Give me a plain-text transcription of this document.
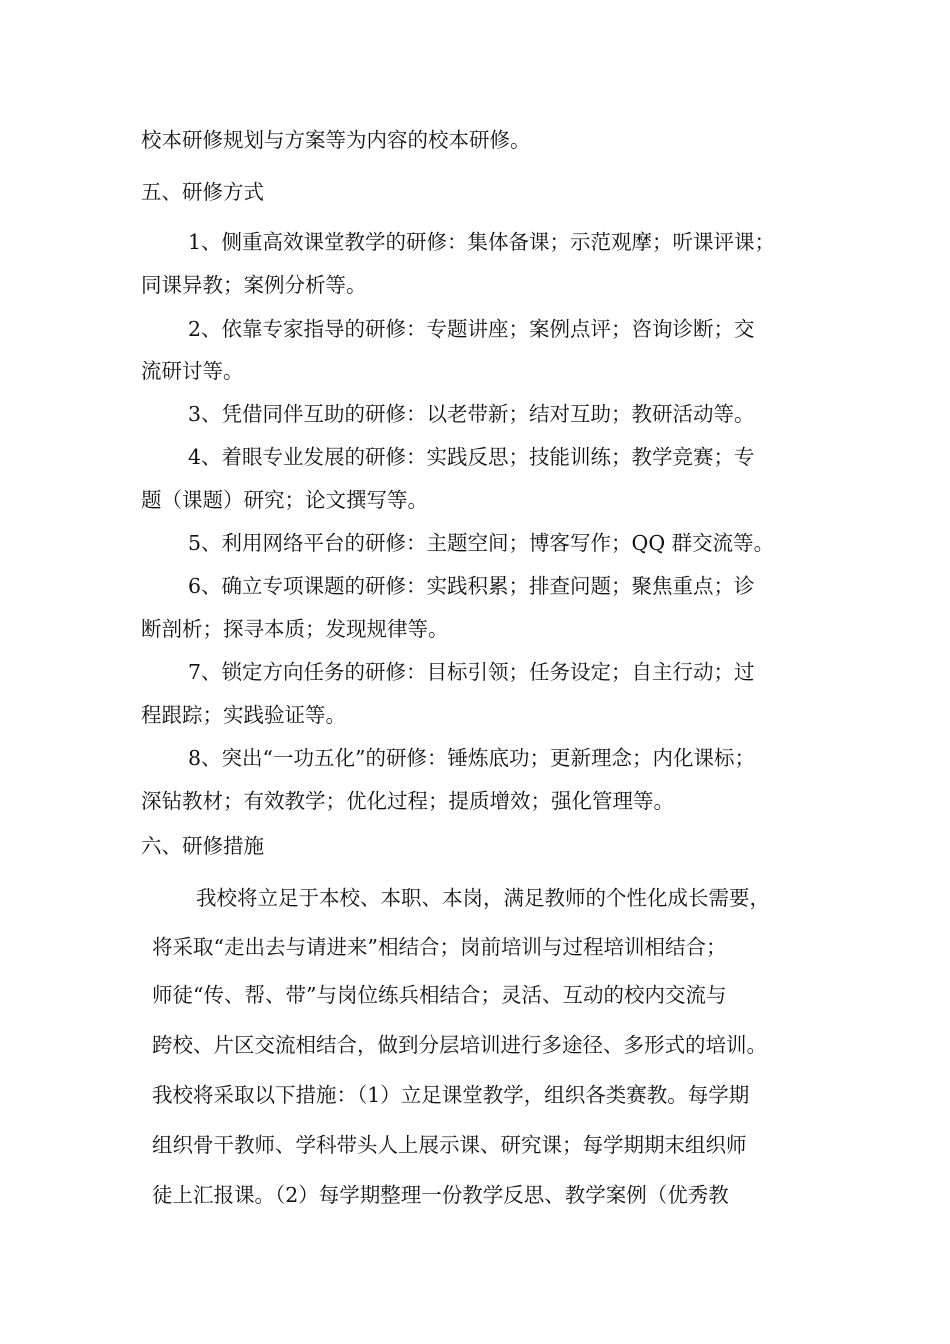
校本研修规划与方案等为内容的校本研修。
五、研修方式
1、侧重高效课堂教学的研修：集体备课；示范观摩；听课评课；
同课异教；案例分析等。
2、依靠专家指导的研修：专题讲座；案例点评；咨询诊断；交
流研讨等。
3、凭借同伴互助的研修：以老带新；结对互助；教研活动等。
4、着眼专业发展的研修：实践反思；技能训练；教学竞赛；专
题（课题）研究；论文撰写等。
5、利用网络平台的研修：主题空间；博客写作；QQ 群交流等。
6、确立专项课题的研修：实践积累；排查问题；聚焦重点；诊
断剖析；探寻本质；发现规律等。
7、锁定方向任务的研修：目标引领；任务设定；自主行动；过
程跟踪；实践验证等。
8、突出“一功五化”的研修：锤炼底功；更新理念；内化课标；
深钻教材；有效教学；优化过程；提质增效；强化管理等。
六、研修措施
我校将立足于本校、本职、本岗，满足教师的个性化成长需要，
将采取“走出去与请进来”相结合；岗前培训与过程培训相结合；
师徒“传、帮、带”与岗位练兵相结合；灵活、互动的校内交流与
跨校、片区交流相结合，做到分层培训进行多途径、多形式的培训。
我校将采取以下措施：（1）立足课堂教学，组织各类赛教。每学期
组织骨干教师、学科带头人上展示课、研究课；每学期期末组织师
徒上汇报课。（2）每学期整理一份教学反思、教学案例（优秀教
